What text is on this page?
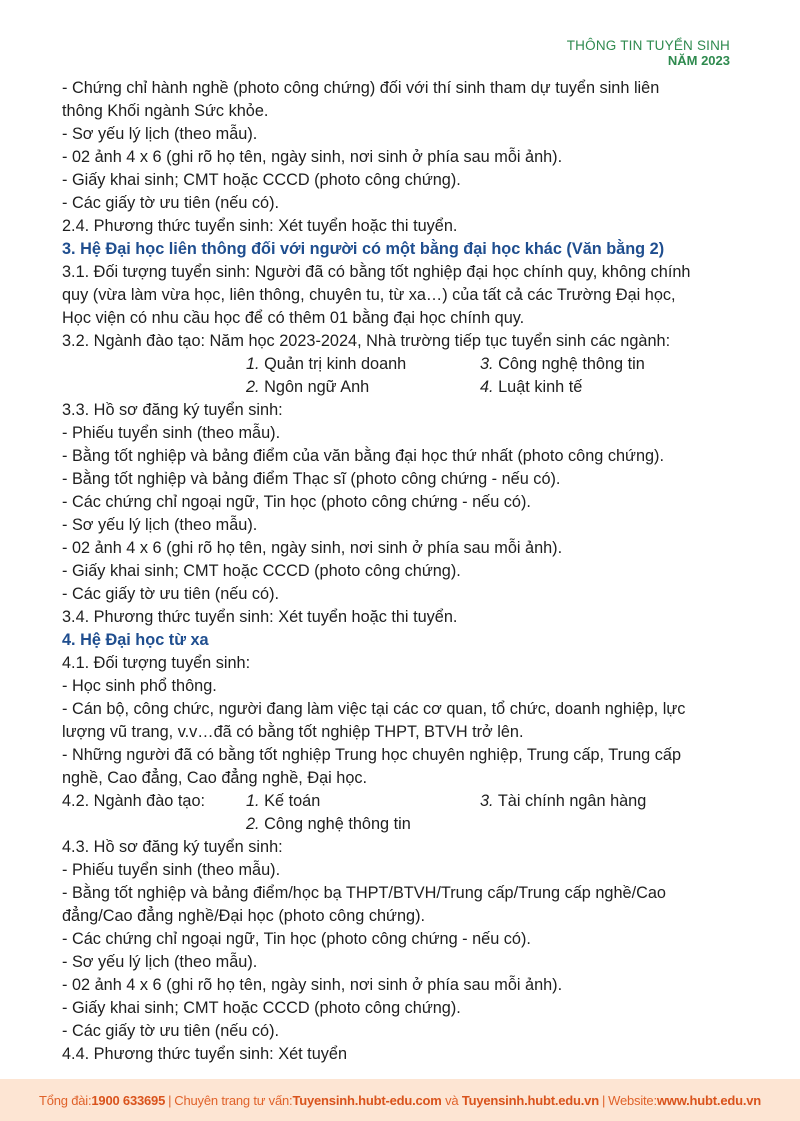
THÔNG TIN TUYỂN SINH
NĂM 2023
- Chứng chỉ hành nghề (photo công chứng) đối với thí sinh tham dự tuyển sinh liên
thông Khối ngành Sức khỏe.
- Sơ yếu lý lịch (theo mẫu).
- 02 ảnh 4 x 6 (ghi rõ họ tên, ngày sinh, nơi sinh ở phía sau mỗi ảnh).
- Giấy khai sinh; CMT hoặc CCCD (photo công chứng).
- Các giấy tờ ưu tiên (nếu có).
2.4. Phương thức tuyển sinh: Xét tuyển hoặc thi tuyển.
3. Hệ Đại học liên thông đối với người có một bằng đại học khác (Văn bằng 2)
3.1. Đối tượng tuyển sinh: Người đã có bằng tốt nghiệp đại học chính quy, không chính
quy (vừa làm vừa học, liên thông, chuyên tu, từ xa…) của tất cả các Trường Đại học,
Học viện có nhu cầu học để có thêm 01 bằng đại học chính quy.
3.2. Ngành đào tạo: Năm học 2023-2024, Nhà trường tiếp tục tuyển sinh các ngành:
1. Quản trị kinh doanh	3. Công nghệ thông tin
2. Ngôn ngữ Anh	4. Luật kinh tế
3.3. Hồ sơ đăng ký tuyển sinh:
- Phiếu tuyển sinh (theo mẫu).
- Bằng tốt nghiệp và bảng điểm của văn bằng đại học thứ nhất (photo công chứng).
- Bằng tốt nghiệp và bảng điểm Thạc sĩ (photo công chứng - nếu có).
- Các chứng chỉ ngoại ngữ, Tin học (photo công chứng - nếu có).
- Sơ yếu lý lịch (theo mẫu).
- 02 ảnh 4 x 6 (ghi rõ họ tên, ngày sinh, nơi sinh ở phía sau mỗi ảnh).
- Giấy khai sinh; CMT hoặc CCCD (photo công chứng).
- Các giấy tờ ưu tiên (nếu có).
3.4. Phương thức tuyển sinh: Xét tuyển hoặc thi tuyển.
4. Hệ Đại học từ xa
4.1. Đối tượng tuyển sinh:
- Học sinh phổ thông.
- Cán bộ, công chức, người đang làm việc tại các cơ quan, tổ chức, doanh nghiệp, lực
lượng vũ trang, v.v…đã có bằng tốt nghiệp THPT, BTVH trở lên.
- Những người đã có bằng tốt nghiệp Trung học chuyên nghiệp, Trung cấp, Trung cấp
nghề, Cao đẳng, Cao đẳng nghề, Đại học.
4.2. Ngành đào tạo:	1. Kế toán	3. Tài chính ngân hàng
2. Công nghệ thông tin
4.3. Hồ sơ đăng ký tuyển sinh:
- Phiếu tuyển sinh (theo mẫu).
- Bằng tốt nghiệp và bảng điểm/học bạ THPT/BTVH/Trung cấp/Trung cấp nghề/Cao
đẳng/Cao đẳng nghề/Đại học (photo công chứng).
- Các chứng chỉ ngoại ngữ, Tin học (photo công chứng - nếu có).
- Sơ yếu lý lịch (theo mẫu).
- 02 ảnh 4 x 6 (ghi rõ họ tên, ngày sinh, nơi sinh ở phía sau mỗi ảnh).
- Giấy khai sinh; CMT hoặc CCCD (photo công chứng).
- Các giấy tờ ưu tiên (nếu có).
4.4. Phương thức tuyển sinh: Xét tuyển
Tổng đài: 1900 633695 | Chuyên trang tư vấn: Tuyensinh.hubt-edu.com và Tuyensinh.hubt.edu.vn | Website: www.hubt.edu.vn
